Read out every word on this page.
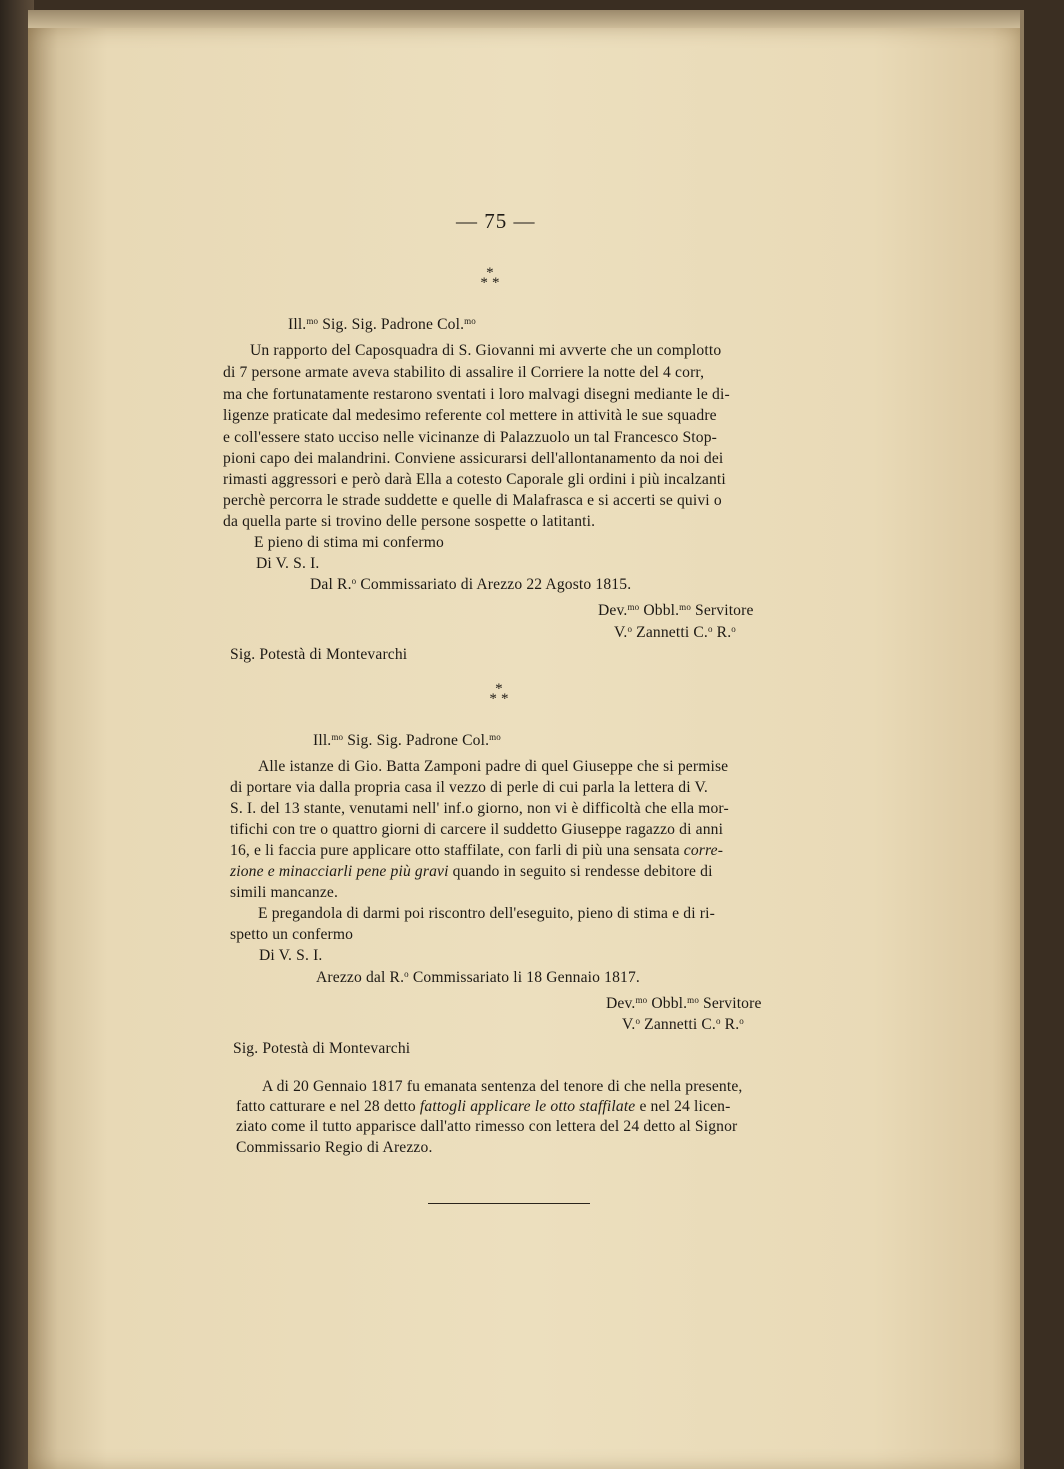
— 75 —
*
* *
Ill.$^{mo}$ Sig. Sig. Padrone Col.$^{mo}$
Un rapporto del Caposquadra di S. Giovanni mi avverte che un complotto
di 7 persone armate aveva stabilito di assalire il Corriere la notte del 4 corr,
ma che fortunatamente restarono sventati i loro malvagi disegni mediante le di-
ligenze praticate dal medesimo referente col mettere in attività le sue squadre
e coll'essere stato ucciso nelle vicinanze di Palazzuolo un tal Francesco Stop-
pioni capo dei malandrini. Conviene assicurarsi dell'allontanamento da noi dei
rimasti aggressori e però darà Ella a cotesto Caporale gli ordini i più incalzanti
perchè percorra le strade suddette e quelle di Malafrasca e si accerti se quivi o
da quella parte si trovino delle persone sospette o latitanti.
E pieno di stima mi confermo
Di V. S. I.
Dal R.$^o$ Commissariato di Arezzo 22 Agosto 1815.
Dev.$^{mo}$ Obbl.$^{mo}$ Servitore
V.$^o$ Zannetti C.$^o$ R.$^o$
Sig. Potestà di Montevarchi
*
* *
Ill.$^{mo}$ Sig. Sig. Padrone Col.$^{mo}$
Alle istanze di Gio. Batta Zamponi padre di quel Giuseppe che si permise
di portare via dalla propria casa il vezzo di perle di cui parla la lettera di V.
S. I. del 13 stante, venutami nell' inf.o giorno, non vi è difficoltà che ella mor-
tifichi con tre o quattro giorni di carcere il suddetto Giuseppe ragazzo di anni
16, e li faccia pure applicare otto staffilate, con farli di più una sensata corre-
zione e minacciarli pene più gravi quando in seguito si rendesse debitore di
simili mancanze.
E pregandola di darmi poi riscontro dell'eseguito, pieno di stima e di ri-
spetto un confermo
Di V. S. I.
Arezzo dal R.$^o$ Commissariato li 18 Gennaio 1817.
Dev.$^{mo}$ Obbl.$^{mo}$ Servitore
V.$^o$ Zannetti C.$^o$ R.$^o$
Sig. Potestà di Montevarchi
A di 20 Gennaio 1817 fu emanata sentenza del tenore di che nella presente,
fatto catturare e nel 28 detto fattogli applicare le otto staffilate e nel 24 licen-
ziato come il tutto apparisce dall'atto rimesso con lettera del 24 detto al Signor
Commissario Regio di Arezzo.
